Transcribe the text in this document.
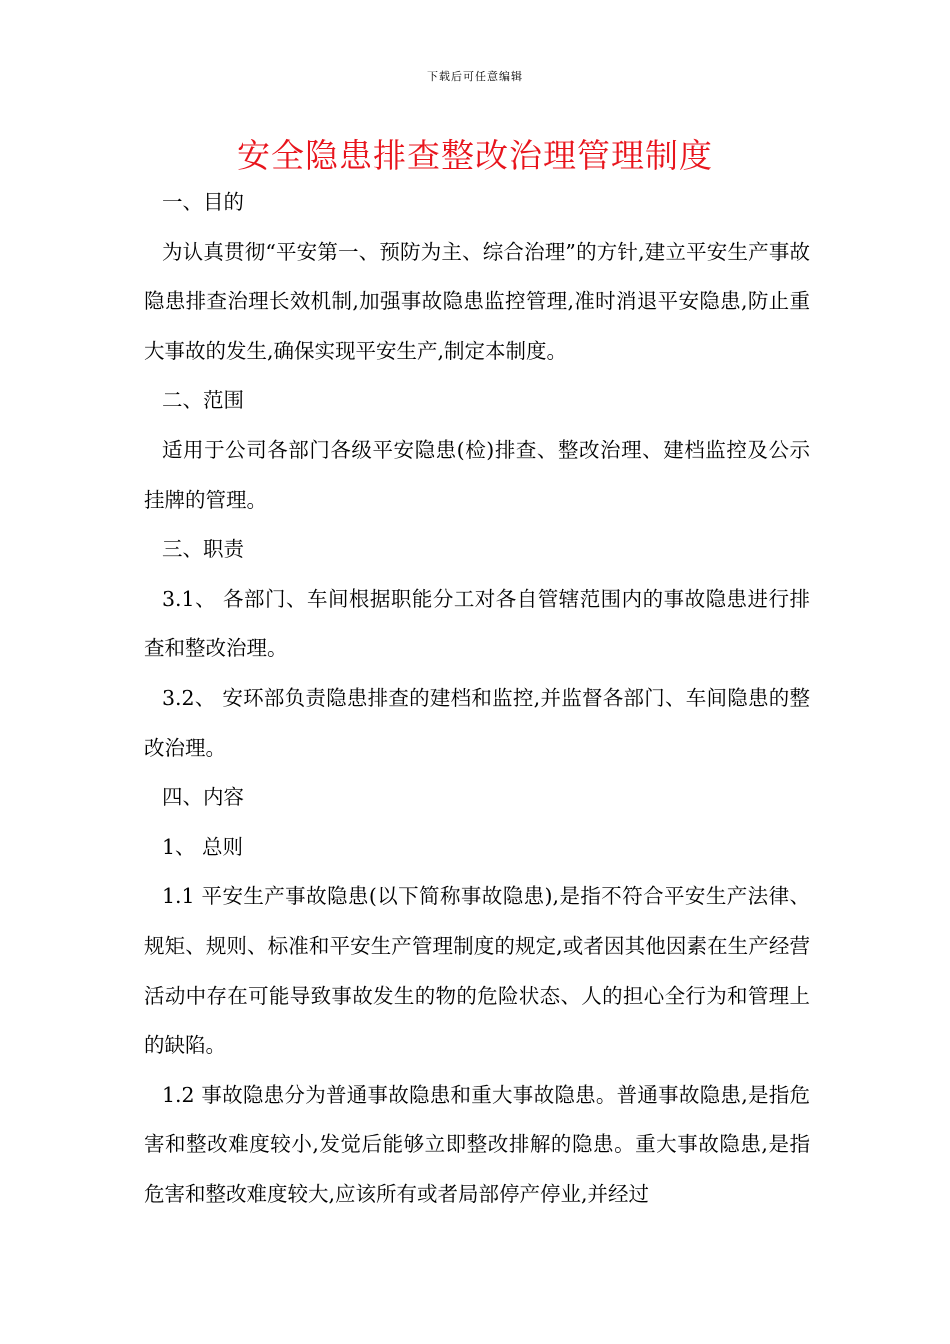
下载后可任意编辑
安全隐患排查整改治理管理制度

一、目的

为认真贯彻“平安第一、预防为主、综合治理”的方针,建立平安生产事故隐患排查治理长效机制,加强事故隐患监控管理,准时消退平安隐患,防止重大事故的发生,确保实现平安生产,制定本制度。

二、范围

适用于公司各部门各级平安隐患(检)排查、整改治理、建档监控及公示挂牌的管理。

三、职责

3.1、 各部门、车间根据职能分工对各自管辖范围内的事故隐患进行排查和整改治理。

3.2、 安环部负责隐患排查的建档和监控,并监督各部门、车间隐患的整改治理。

四、内容

1、 总则

1.1 平安生产事故隐患(以下简称事故隐患),是指不符合平安生产法律、规矩、规则、标准和平安生产管理制度的规定,或者因其他因素在生产经营活动中存在可能导致事故发生的物的危险状态、人的担心全行为和管理上的缺陷。

1.2 事故隐患分为普通事故隐患和重大事故隐患。普通事故隐患,是指危害和整改难度较小,发觉后能够立即整改排解的隐患。重大事故隐患,是指危害和整改难度较大,应该所有或者局部停产停业,并经过
